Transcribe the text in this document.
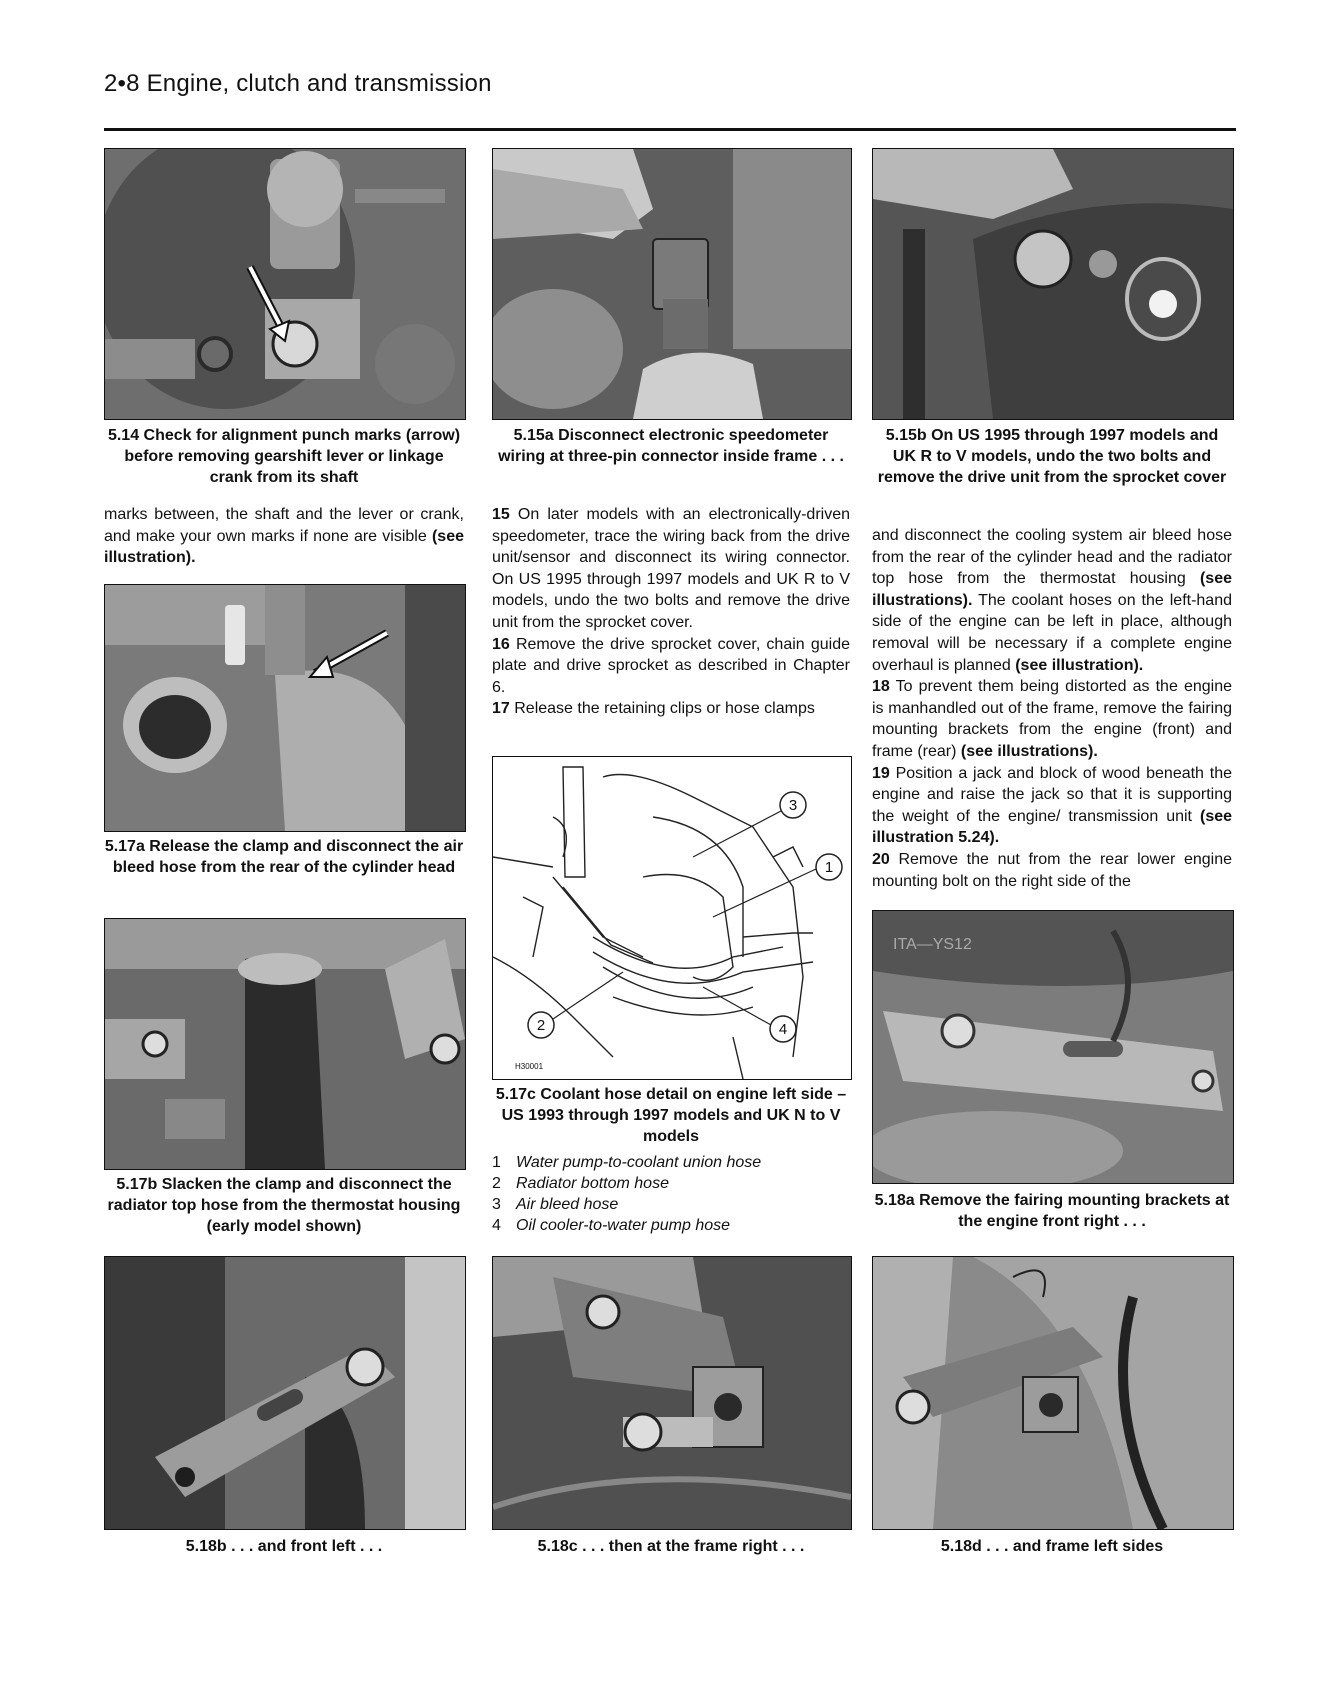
2•8 Engine, clutch and transmission
5.14 Check for alignment punch marks (arrow) before removing gearshift lever or linkage crank from its shaft
5.15a Disconnect electronic speedometer wiring at three-pin connector inside frame . . .
5.15b On US 1995 through 1997 models and UK R to V models, undo the two bolts and remove the drive unit from the sprocket cover

marks between, the shaft and the lever or crank, and make your own marks if none are visible (see illustration).

5.17a Release the clamp and disconnect the air bleed hose from the rear of the cylinder head
5.17b Slacken the clamp and disconnect the radiator top hose from the thermostat housing (early model shown)

15 On later models with an electronically-driven speedometer, trace the wiring back from the drive unit/sensor and disconnect its wiring connector. On US 1995 through 1997 models and UK R to V models, undo the two bolts and remove the drive unit from the sprocket cover.

16 Remove the drive sprocket cover, chain guide plate and drive sprocket as described in Chapter 6.

17 Release the retaining clips or hose clamps

3
1
2	4
H30001
5.17c Coolant hose detail on engine left side – US 1993 through 1997 models and UK N to V models
1 Water pump-to-coolant union hose
2 Radiator bottom hose
3 Air bleed hose
4 Oil cooler-to-water pump hose

and disconnect the cooling system air bleed hose from the rear of the cylinder head and the radiator top hose from the thermostat housing (see illustrations). The coolant hoses on the left-hand side of the engine can be left in place, although removal will be necessary if a complete engine overhaul is planned (see illustration).

18 To prevent them being distorted as the engine is manhandled out of the frame, remove the fairing mounting brackets from the engine (front) and frame (rear) (see illustrations).

19 Position a jack and block of wood beneath the engine and raise the jack so that it is supporting the weight of the engine/ transmission unit (see illustration 5.24).

20 Remove the nut from the rear lower engine mounting bolt on the right side of the

ITA—YS12
5.18a Remove the fairing mounting brackets at the engine front right . . .
5.18b . . . and front left . . .	5.18c . . . then at the frame right . . .	5.18d . . . and frame left sides
